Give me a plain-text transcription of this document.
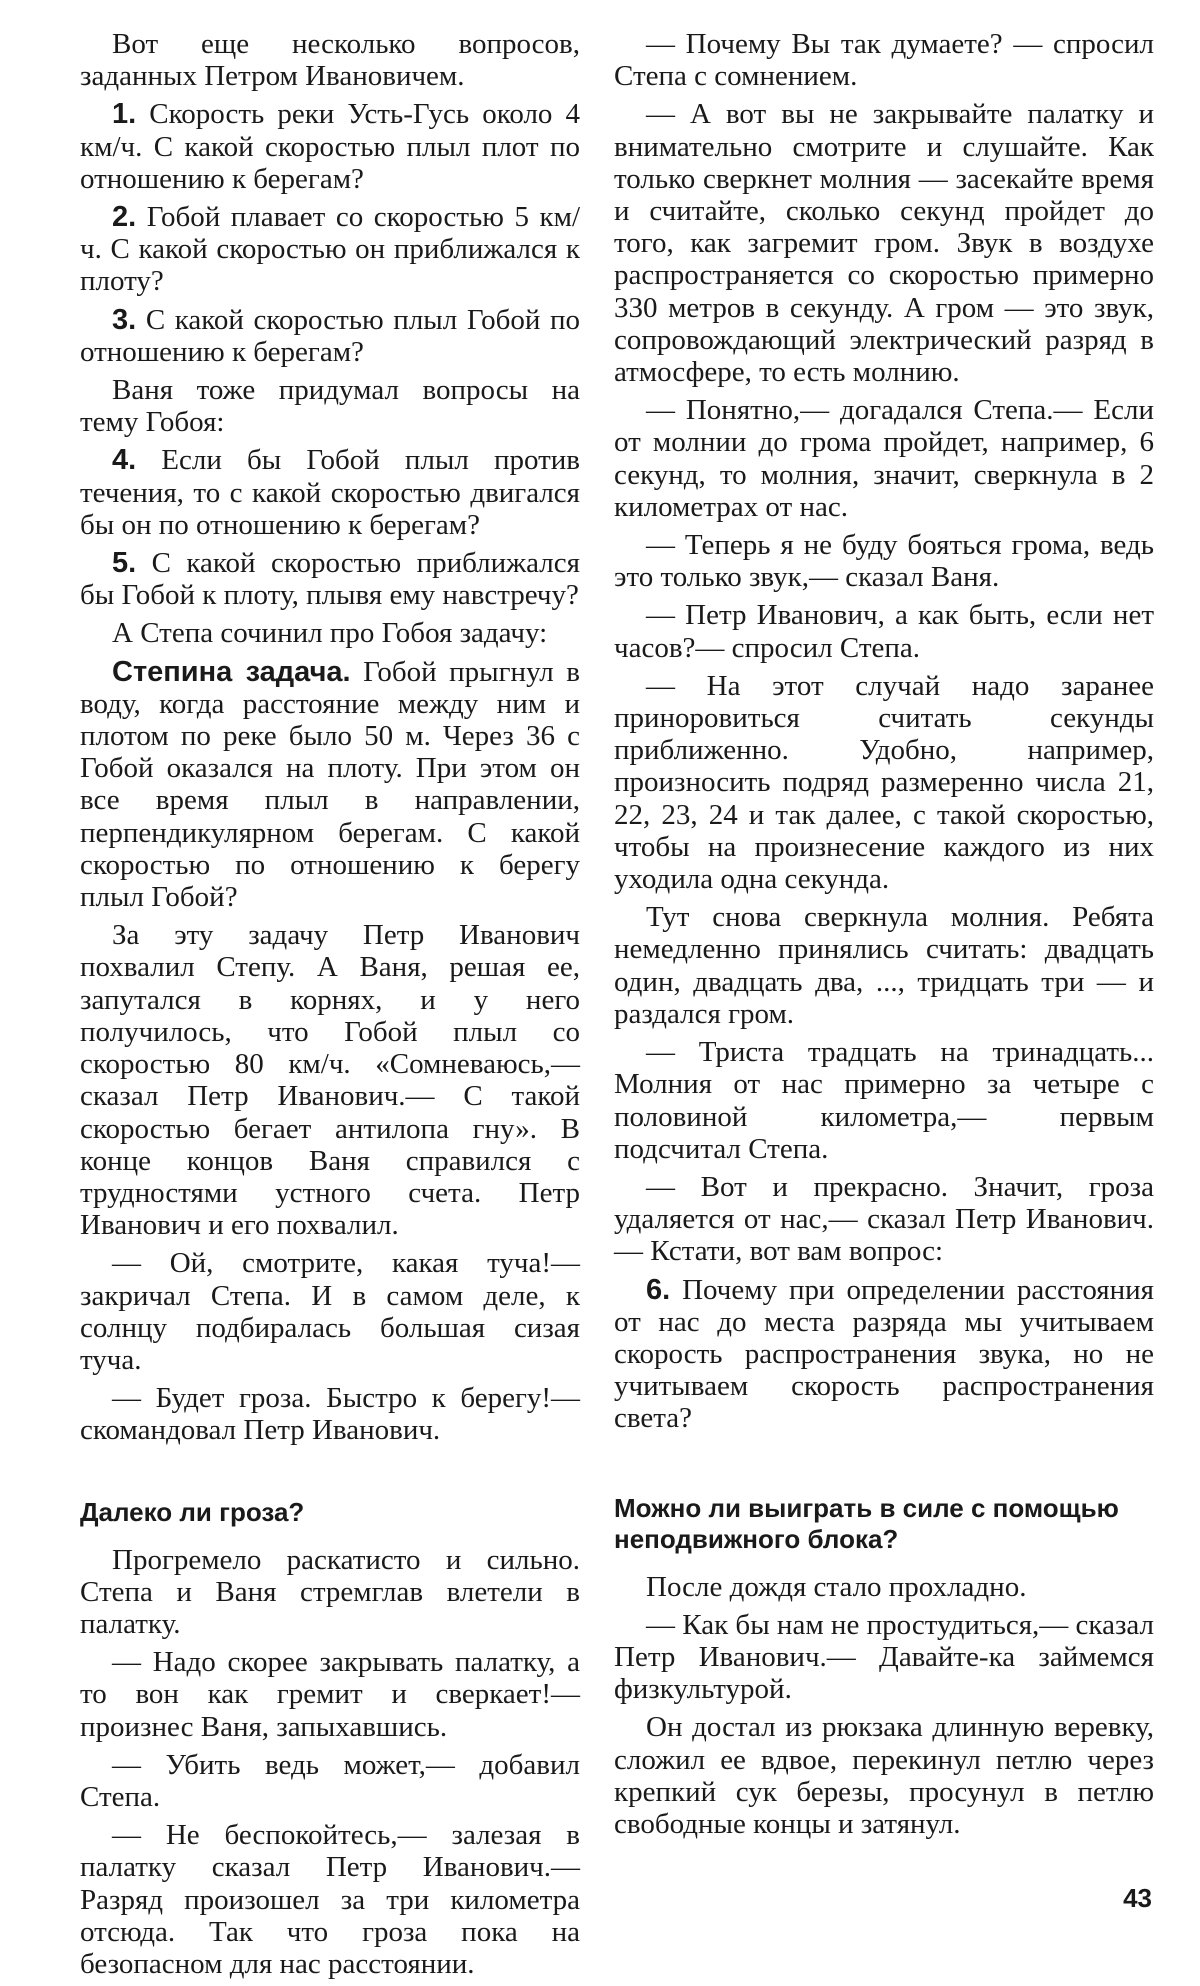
Вот еще несколько вопросов, заданных Петром Ивановичем.

1. Скорость реки Усть-Гусь около 4 км/ч. С какой скоростью плыл плот по отношению к берегам?

2. Гобой плавает со скоростью 5 км/ч. С какой скоростью он приближался к плоту?

3. С какой скоростью плыл Гобой по отношению к берегам?

Ваня тоже придумал вопросы на тему Гобоя:

4. Если бы Гобой плыл против течения, то с какой скоростью двигался бы он по отношению к берегам?

5. С какой скоростью приближался бы Гобой к плоту, плывя ему навстречу?

А Степа сочинил про Гобоя задачу:

Степина задача. Гобой прыгнул в воду, когда расстояние между ним и плотом по реке было 50 м. Через 36 с Гобой оказался на плоту. При этом он все время плыл в направлении, перпендикулярном берегам. С какой скоростью по отношению к берегу плыл Гобой?

За эту задачу Петр Иванович похвалил Степу. А Ваня, решая ее, запутался в корнях, и у него получилось, что Гобой плыл со скоростью 80 км/ч. «Сомневаюсь,— сказал Петр Иванович.— С такой скоростью бегает антилопа гну». В конце концов Ваня справился с трудностями устного счета. Петр Иванович и его похвалил.

— Ой, смотрите, какая туча!— закричал Степа. И в самом деле, к солнцу подбиралась большая сизая туча.

— Будет гроза. Быстро к берегу!— скомандовал Петр Иванович.

Далеко ли гроза?

Прогремело раскатисто и сильно. Степа и Ваня стремглав влетели в палатку.

— Надо скорее закрывать палатку, а то вон как гремит и сверкает!— произнес Ваня, запыхавшись.

— Убить ведь может,— добавил Степа.

— Не беспокойтесь,— залезая в палатку сказал Петр Иванович.— Разряд произошел за три километра отсюда. Так что гроза пока на безопасном для нас расстоянии.

— Почему Вы так думаете? — спросил Степа с сомнением.

— А вот вы не закрывайте палатку и внимательно смотрите и слушайте. Как только сверкнет молния — засекайте время и считайте, сколько секунд пройдет до того, как загремит гром. Звук в воздухе распространяется со скоростью примерно 330 метров в секунду. А гром — это звук, сопровождающий электрический разряд в атмосфере, то есть молнию.

— Понятно,— догадался Степа.— Если от молнии до грома пройдет, например, 6 секунд, то молния, значит, сверкнула в 2 километрах от нас.

— Теперь я не буду бояться грома, ведь это только звук,— сказал Ваня.

— Петр Иванович, а как быть, если нет часов?— спросил Степа.

— На этот случай надо заранее приноровиться считать секунды приближенно. Удобно, например, произносить подряд размеренно числа 21, 22, 23, 24 и так далее, с такой скоростью, чтобы на произнесение каждого из них уходила одна секунда.

Тут снова сверкнула молния. Ребята немедленно принялись считать: двадцать один, двадцать два, ..., тридцать три — и раздался гром.

— Триста традцать на тринадцать... Молния от нас примерно за четыре с половиной километра,— первым подсчитал Степа.

— Вот и прекрасно. Значит, гроза удаляется от нас,— сказал Петр Иванович.— Кстати, вот вам вопрос:

6. Почему при определении расстояния от нас до места разряда мы учитываем скорость распространения звука, но не учитываем скорость распространения света?

Можно ли выиграть в силе с помощью неподвижного блока?

После дождя стало прохладно.

— Как бы нам не простудиться,— сказал Петр Иванович.— Давайте-ка займемся физкультурой.

Он достал из рюкзака длинную веревку, сложил ее вдвое, перекинул петлю через крепкий сук березы, просунул в петлю свободные концы и затянул.

43
